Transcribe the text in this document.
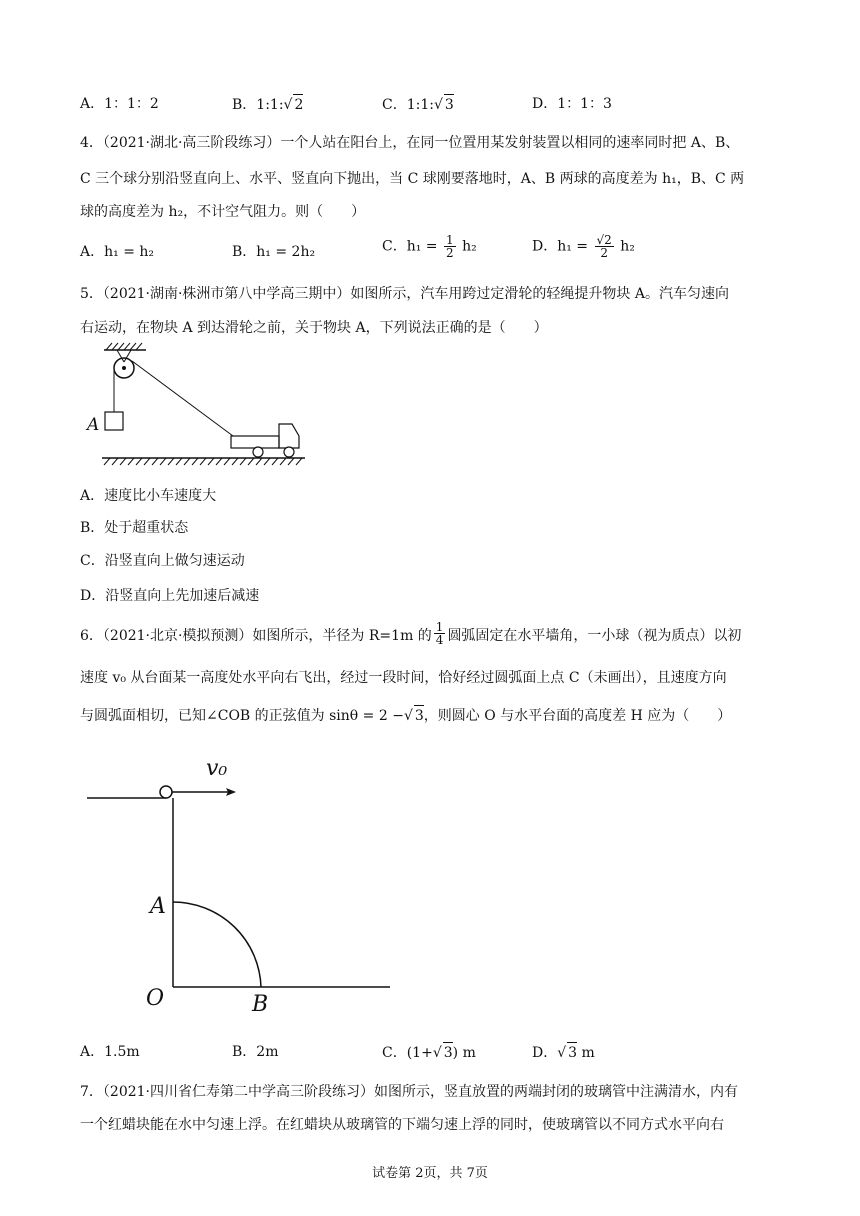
A．1：1：2	B．1:1:√ 2	C．1:1:√ 3	D．1：1：3
4．（2021·湖北·高三阶段练习）一个人站在阳台上，在同一位置用某发射装置以相同的速率同时把 A、B、
C 三个球分别沿竖直向上、水平、竖直向下抛出，当 C 球刚要落地时，A、B 两球的高度差为 h₁，B、C 两
球的高度差为 h₂，不计空气阻力。则（　　）
A．h₁ = h₂	B．h₁ = 2h₂	C．$h_1 = \frac{1}{2} h_2$	D．$h_1 = \frac{√2}{2} h_2$
5．（2021·湖南·株洲市第八中学高三期中）如图所示，汽车用跨过定滑轮的轻绳提升物块 A。汽车匀速向
右运动，在物块 A 到达滑轮之前，关于物块 A，下列说法正确的是（　　）
A
A．速度比小车速度大
B．处于超重状态
C．沿竖直向上做匀速运动
D．沿竖直向上先加速后减速
6．（2021·北京·模拟预测）如图所示，半径为 R=1m 的 $\frac{1}{4}$ 圆弧固定在水平墙角，一小球（视为质点）以初
速度 v₀ 从台面某一高度处水平向右飞出，经过一段时间，恰好经过圆弧面上点 C（未画出），且速度方向
与圆弧面相切，已知∠COB 的正弦值为 sinθ = 2 −√ 3，则圆心 O 与水平台面的高度差 H 应为（　　）
v₀
A
O	B
A．1.5m	B．2m	C．(1+√ 3) m	D．√ 3 m
7．（2021·四川省仁寿第二中学高三阶段练习）如图所示，竖直放置的两端封闭的玻璃管中注满清水，内有
一个红蜡块能在水中匀速上浮。在红蜡块从玻璃管的下端匀速上浮的同时，使玻璃管以不同方式水平向右
试卷第 2页，共 7页
